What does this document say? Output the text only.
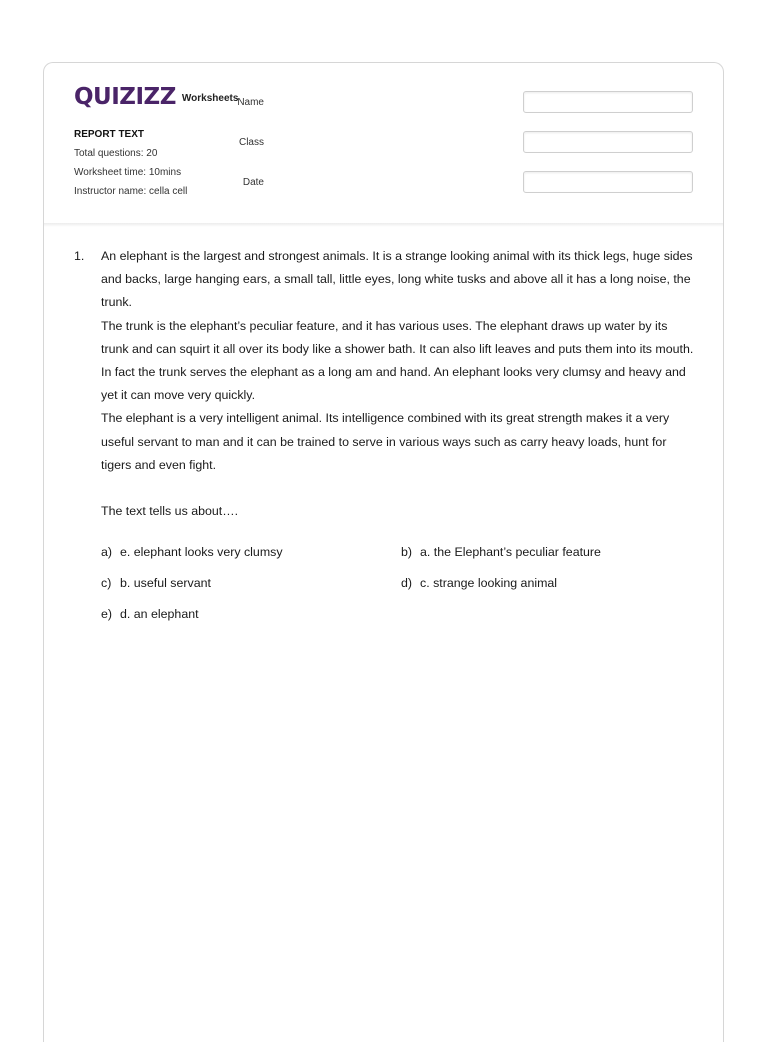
QUIZIZZ Worksheets
REPORT TEXT
Total questions: 20
Worksheet time: 10mins
Instructor name: cella cell
Name
Class
Date
1. An elephant is the largest and strongest animals. It is a strange looking animal with its thick legs, huge sides and backs, large hanging ears, a small tall, little eyes, long white tusks and above all it has a long noise, the trunk.

The trunk is the elephant’s peculiar feature, and it has various uses. The elephant draws up water by its trunk and can squirt it all over its body like a shower bath. It can also lift leaves and puts them into its mouth. In fact the trunk serves the elephant as a long am and hand. An elephant looks very clumsy and heavy and yet it can move very quickly.

The elephant is a very intelligent animal. Its intelligence combined with its great strength makes it a very useful servant to man and it can be trained to serve in various ways such as carry heavy loads, hunt for tigers and even fight.

The text tells us about….

a) e. elephant looks very clumsy	b) a. the Elephant’s peculiar feature
c) b. useful servant	d) c. strange looking animal
e) d. an elephant
